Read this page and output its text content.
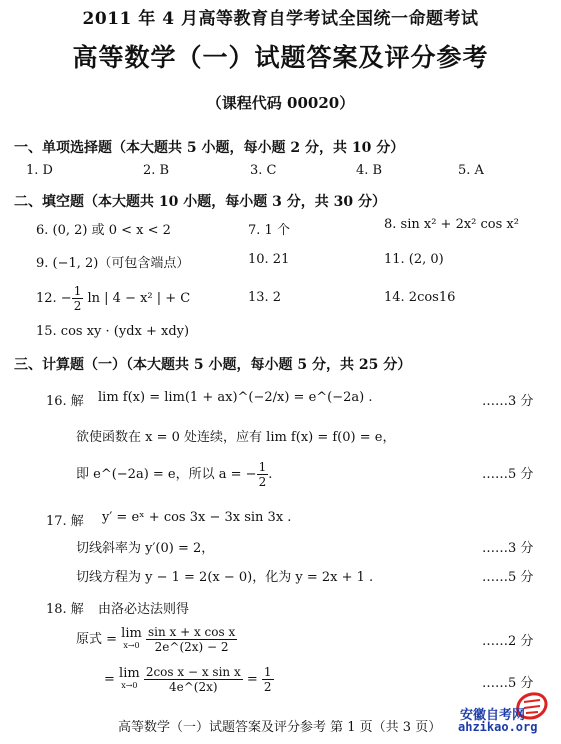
2011 年 4 月高等教育自学考试全国统一命题考试
高等数学（一）试题答案及评分参考
（课程代码 00020）
一、单项选择题（本大题共 5 小题，每小题 2 分，共 10 分）
1. D	2. B	3. C	4. B	5. A
二、填空题（本大题共 10 小题，每小题 3 分，共 30 分）
6. (0, 2) 或 0 < x < 2	7. 1 个	8. sin x² + 2x² cos x²
9. (−1, 2)（可包含端点）	10. 21	11. (2, 0)
12. − $\frac{1}{2}$ ln | 4 − x² | + C	13. 2	14. 2cos16
15. cos xy · (ydx + xdy)
三、计算题（一）（本大题共 5 小题，每小题 5 分，共 25 分）
16. 解 lim f(x) = lim(1 + ax)^(−2/x) = e^(−2a) .	……3 分
欲使函数在 x = 0 处连续，应有 lim f(x) = f(0) = e，
即 e^(−2a) = e，所以 a = − $\frac{1}{2}$ .	……5 分
17. 解 y′ = eˣ + cos 3x − 3x sin 3x .
切线斜率为 y′(0) = 2，	……3 分
切线方程为 y − 1 = 2(x − 0)，化为 y = 2x + 1 .	……5 分
18. 解 由洛必达法则得
原式 = lim
x→0
$\frac{\text{sin x + x cos x}}{2e\^{}(2x) - 2}$	……2 分
= lim
x→0
$\frac{\text{2cos x − x sin x}}{4e\^{}(2x)} = \frac{1}{2}$	……5 分
高等数学（一）试题答案及评分参考 第 1 页（共 3 页）
安徽自考网
ahzikao.org
